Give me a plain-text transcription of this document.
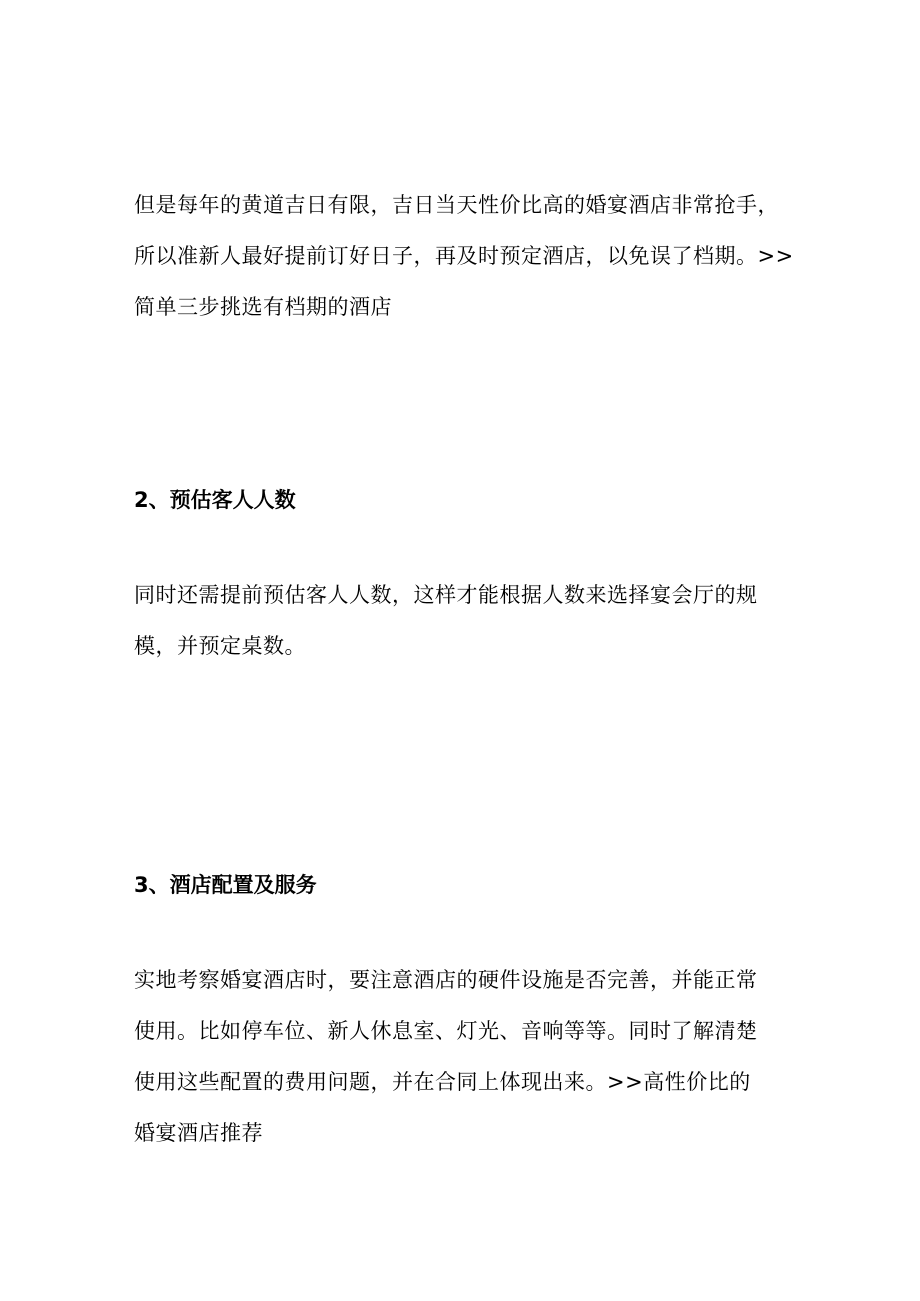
但是每年的黄道吉日有限，吉日当天性价比高的婚宴酒店非常抢手，
所以准新人最好提前订好日子，再及时预定酒店，以免误了档期。>>
简单三步挑选有档期的酒店

2、预估客人人数

同时还需提前预估客人人数，这样才能根据人数来选择宴会厅的规
模，并预定桌数。

3、酒店配置及服务

实地考察婚宴酒店时，要注意酒店的硬件设施是否完善，并能正常
使用。比如停车位、新人休息室、灯光、音响等等。同时了解清楚
使用这些配置的费用问题，并在合同上体现出来。>>高性价比的
婚宴酒店推荐
